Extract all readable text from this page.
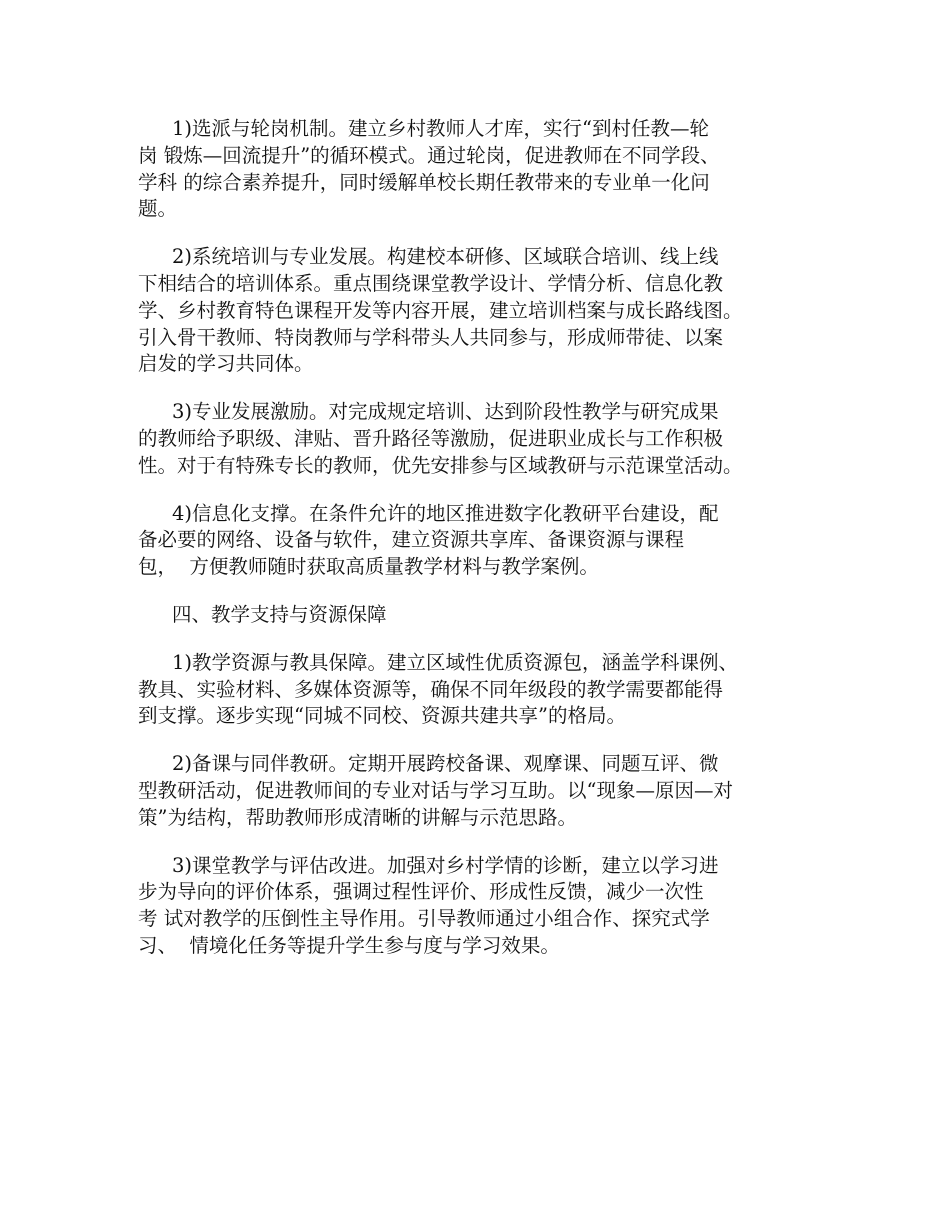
1)选派与轮岗机制。建立乡村教师人才库，实行“到村任教—轮
岗 锻炼—回流提升”的循环模式。通过轮岗，促进教师在不同学段、
学科 的综合素养提升，同时缓解单校长期任教带来的专业单一化问
题。
2)系统培训与专业发展。构建校本研修、区域联合培训、线上线
下相结合的培训体系。重点围绕课堂教学设计、学情分析、信息化教
学、乡村教育特色课程开发等内容开展，建立培训档案与成长路线图。
引入骨干教师、特岗教师与学科带头人共同参与，形成师带徒、以案
启发的学习共同体。
3)专业发展激励。对完成规定培训、达到阶段性教学与研究成果
的教师给予职级、津贴、晋升路径等激励，促进职业成长与工作积极
性。对于有特殊专长的教师，优先安排参与区域教研与示范课堂活动。
4)信息化支撑。在条件允许的地区推进数字化教研平台建设，配
备必要的网络、设备与软件，建立资源共享库、备课资源与课程
包，  方便教师随时获取高质量教学材料与教学案例。
四、教学支持与资源保障
1)教学资源与教具保障。建立区域性优质资源包，涵盖学科课例、
教具、实验材料、多媒体资源等，确保不同年级段的教学需要都能得
到支撑。逐步实现“同城不同校、资源共建共享”的格局。
2)备课与同伴教研。定期开展跨校备课、观摩课、同题互评、微
型教研活动，促进教师间的专业对话与学习互助。以“现象—原因—对
策”为结构，帮助教师形成清晰的讲解与示范思路。
3)课堂教学与评估改进。加强对乡村学情的诊断，建立以学习进
步为导向的评价体系，强调过程性评价、形成性反馈，减少一次性
考 试对教学的压倒性主导作用。引导教师通过小组合作、探究式学
习、  情境化任务等提升学生参与度与学习效果。
